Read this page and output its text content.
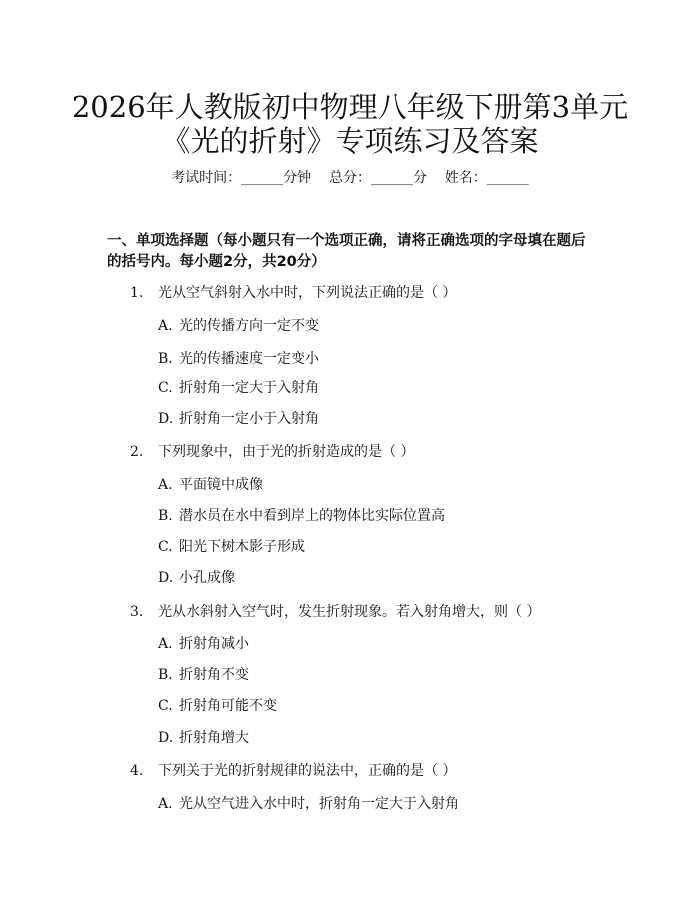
2026年人教版初中物理八年级下册第3单元
《光的折射》专项练习及答案
考试时间：______分钟    总分：______分    姓名：______

一、单项选择题（每小题只有一个选项正确，请将正确选项的字母填在题后的括号内。每小题2分，共20分）

1. 光从空气斜射入水中时，下列说法正确的是（ ）
A. 光的传播方向一定不变
B. 光的传播速度一定变小
C. 折射角一定大于入射角
D. 折射角一定小于入射角
2. 下列现象中，由于光的折射造成的是（ ）
A. 平面镜中成像
B. 潜水员在水中看到岸上的物体比实际位置高
C. 阳光下树木影子形成
D. 小孔成像
3. 光从水斜射入空气时，发生折射现象。若入射角增大，则（ ）
A. 折射角减小
B. 折射角不变
C. 折射角可能不变
D. 折射角增大
4. 下列关于光的折射规律的说法中，正确的是（ ）
A. 光从空气进入水中时，折射角一定大于入射角
